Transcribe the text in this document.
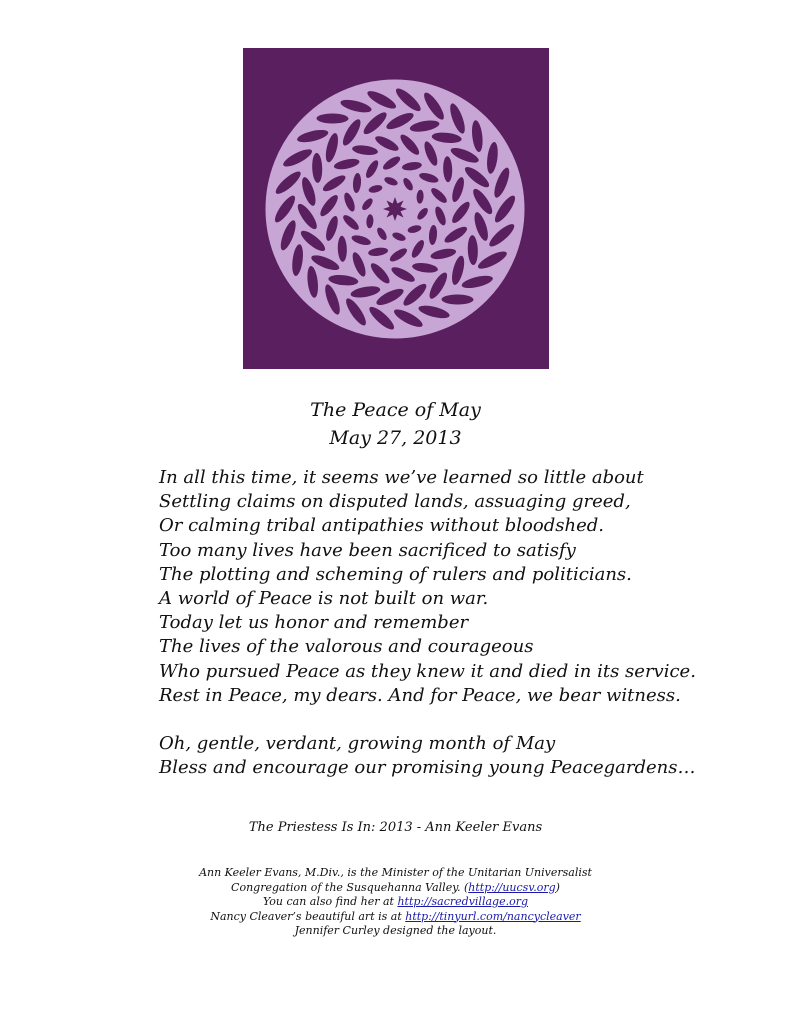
The Peace of May
May 27, 2013
In all this time, it seems we’ve learned so little about
Settling claims on disputed lands, assuaging greed,
Or calming tribal antipathies without bloodshed.
Too many lives have been sacrificed to satisfy
The plotting and scheming of rulers and politicians.
A world of Peace is not built on war.
Today let us honor and remember
The lives of the valorous and courageous
Who pursued Peace as they knew it and died in its service.
Rest in Peace, my dears. And for Peace, we bear witness.
Oh, gentle, verdant, growing month of May
Bless and encourage our promising young Peacegardens…
The Priestess Is In: 2013 - Ann Keeler Evans
Ann Keeler Evans, M.Div., is the Minister of the Unitarian Universalist
Congregation of the Susquehanna Valley. (http://uucsv.org)
You can also find her at http://sacredvillage.org
Nancy Cleaver’s beautiful art is at http://tinyurl.com/nancycleaver
Jennifer Curley designed the layout.
